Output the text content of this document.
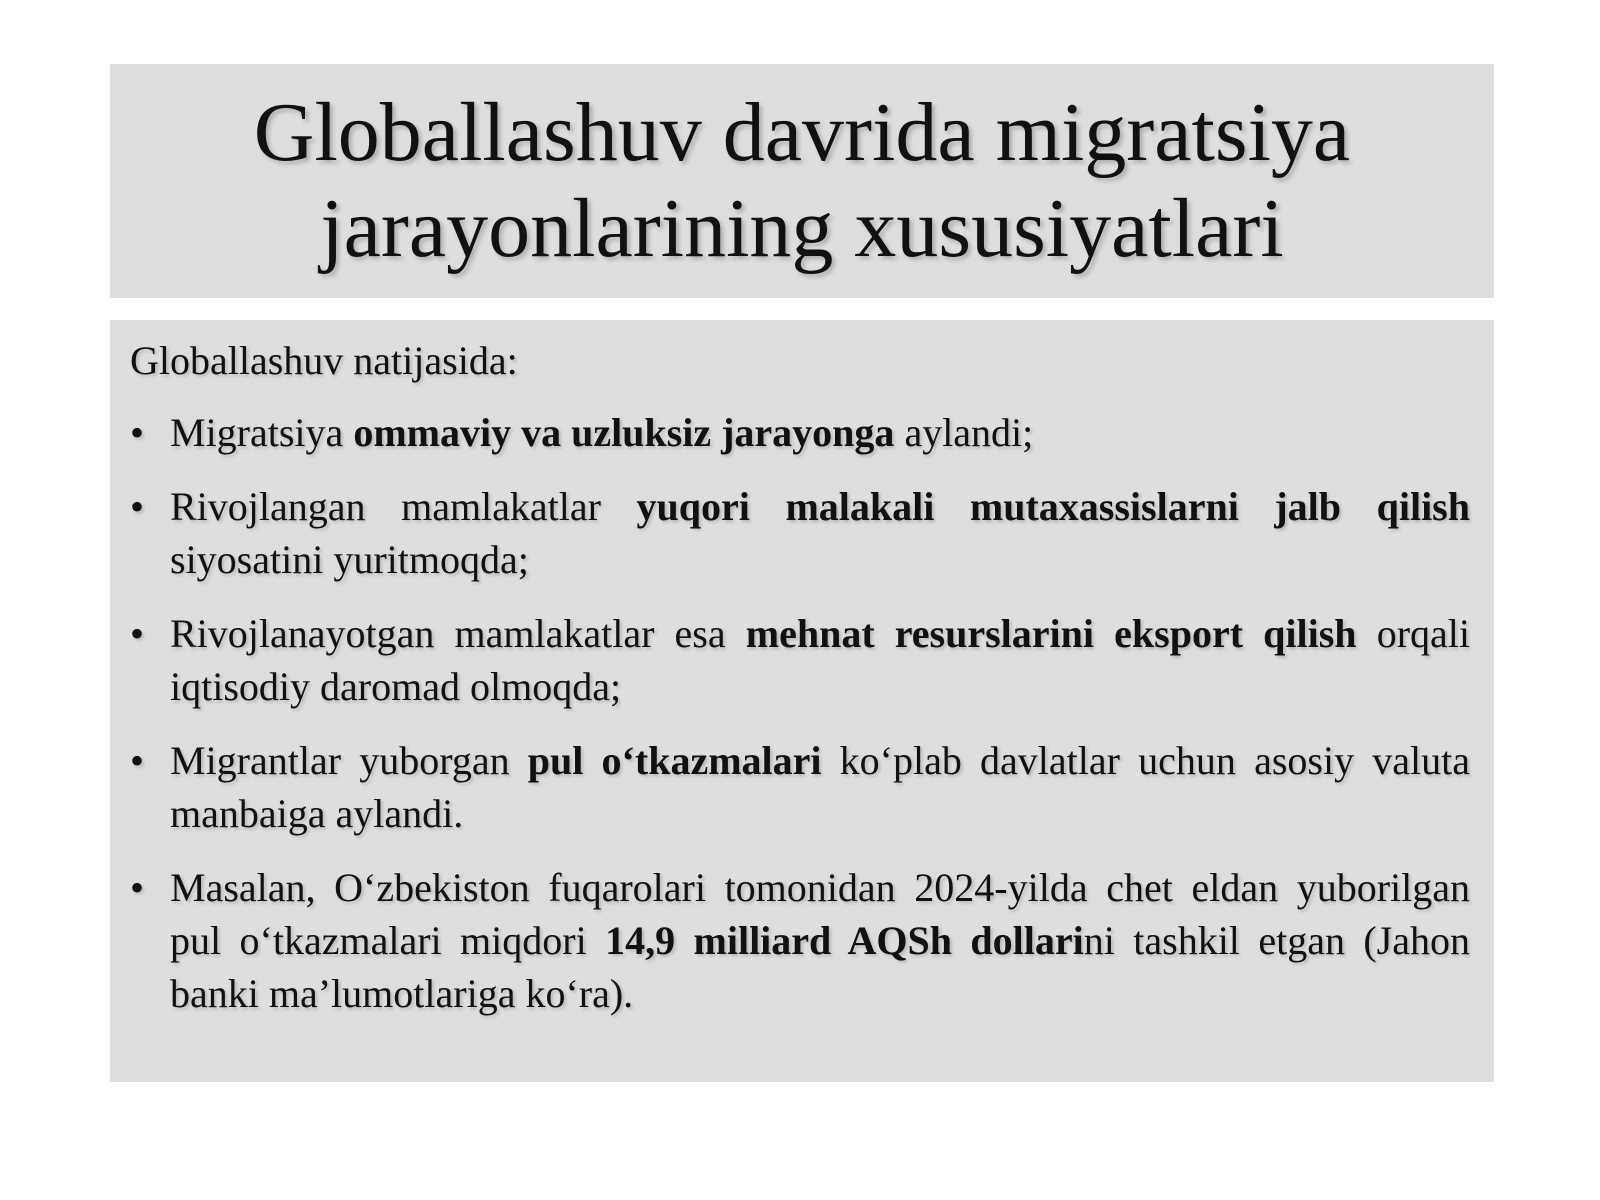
Globallashuv davrida migratsiya
jarayonlarining xususiyatlari

Globallashuv natijasida:

• Migratsiya ommaviy va uzluksiz jarayonga aylandi;
• Rivojlangan mamlakatlar yuqori malakali mutaxassislarni jalb qilish siyosatini yuritmoqda;
• Rivojlanayotgan mamlakatlar esa mehnat resurslarini eksport qilish orqali iqtisodiy daromad olmoqda;
• Migrantlar yuborgan pul o‘tkazmalari ko‘plab davlatlar uchun asosiy valuta manbaiga aylandi.
• Masalan, O‘zbekiston fuqarolari tomonidan 2024-yilda chet eldan yuborilgan pul o‘tkazmalari miqdori 14,9 milliard AQSh dollarini tashkil etgan (Jahon banki ma’lumotlariga ko‘ra).
